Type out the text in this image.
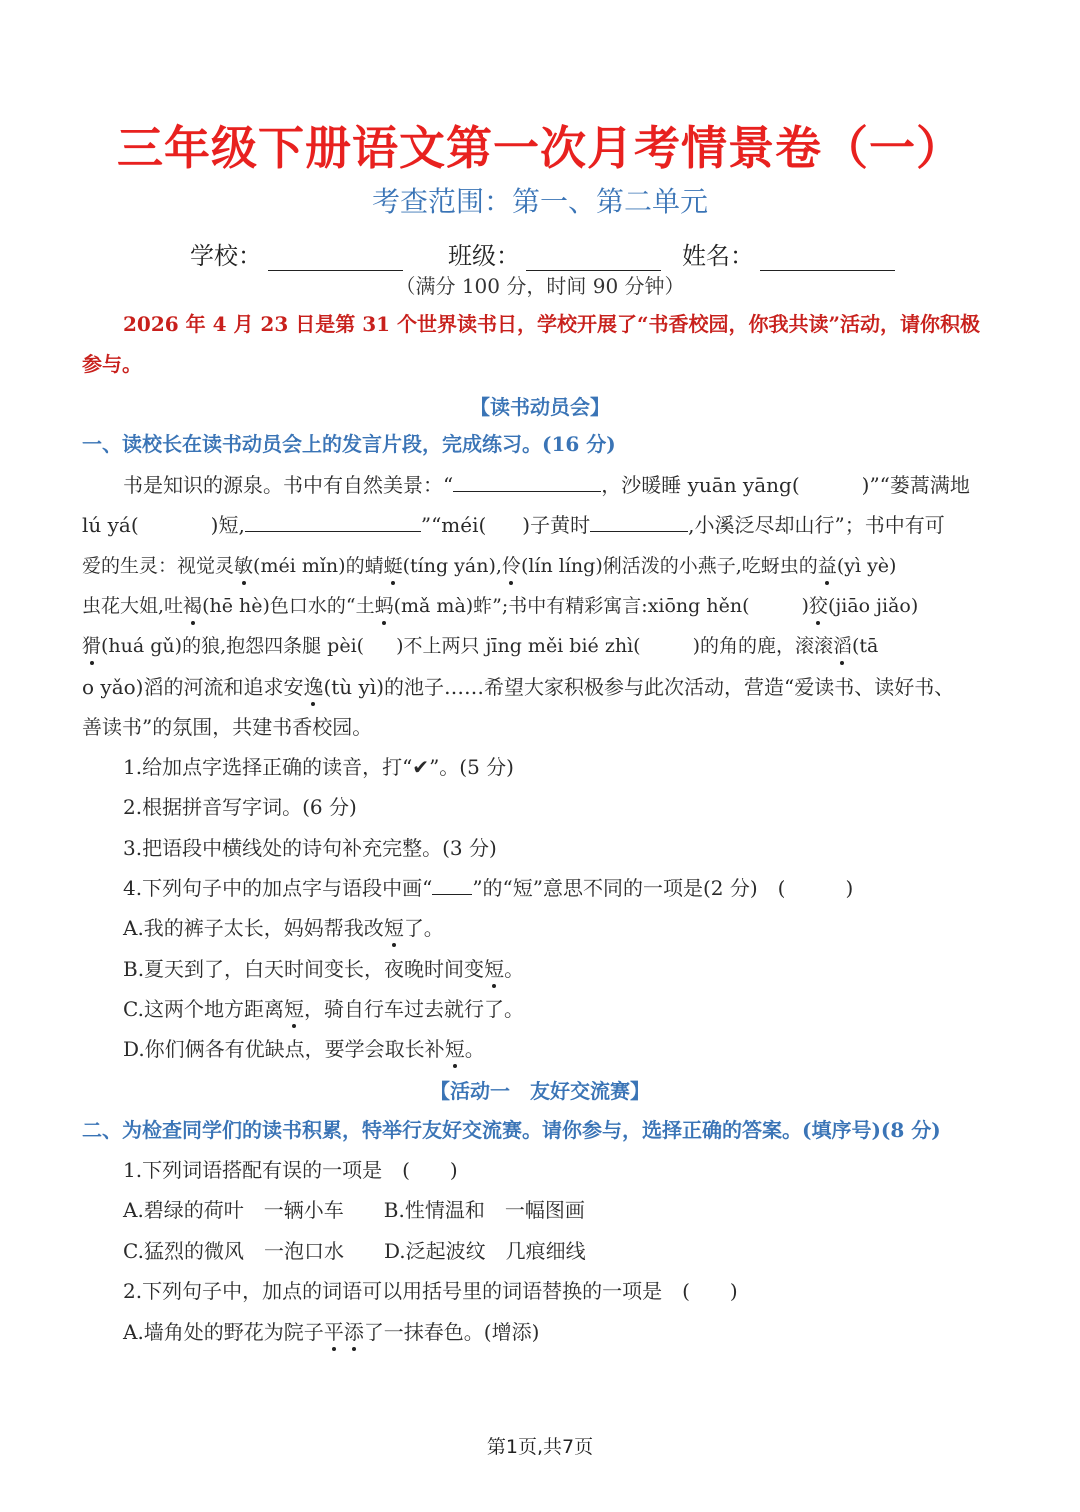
三年级下册语文第一次月考情景卷（一）
考查范围：第一、第二单元
学校：	班级：	姓名：
（满分 100 分，时间 90 分钟）
2026 年 4 月 23 日是第 31 个世界读书日，学校开展了“书香校园，你我共读”活动，请你积极
参与。
【读书动员会】
一、读校长在读书动员会上的发言片段，完成练习。(16 分)
书是知识的源泉。书中有自然美景：“	，沙暖睡 yuān yāng(	)”“蒌蒿满地
lú yá(	)短,	”“méi( )子黄时	,小溪泛尽却山行”；书中有可
爱的生灵：视觉灵敏(méi mǐn)的蜻蜓(tíng yán),伶(lín líng)俐活泼的小燕子,吃蚜虫的益(yì yè)
虫花大姐,吐褐(hē hè)色口水的“土蚂(mǎ mà)蚱”;书中有精彩寓言:xiōng hěn(	)狡(jiāo jiǎo)
猾(huá gǔ)的狼,抱怨四条腿 pèi( )不上两只 jīng měi bié zhì(	)的角的鹿，滚滚滔(tā
o yǎo)滔的河流和追求安逸(tù yì)的池子……希望大家积极参与此次活动，营造“爱读书、读好书、
善读书”的氛围，共建书香校园。
1.给加点字选择正确的读音，打“✔”。(5 分)
2.根据拼音写字词。(6 分)
3.把语段中横线处的诗句补充完整。(3 分)
4.下列句子中的加点字与语段中画“ ”的“短”意思不同的一项是(2 分)　(　　　)
A.我的裤子太长，妈妈帮我改短了。
B.夏天到了，白天时间变长，夜晚时间变短。
C.这两个地方距离短，骑自行车过去就行了。
D.你们俩各有优缺点，要学会取长补短。
【活动一　友好交流赛】
二、为检查同学们的读书积累，特举行友好交流赛。请你参与，选择正确的答案。(填序号)(8 分)
1.下列词语搭配有误的一项是　(　　)
A.碧绿的荷叶　一辆小车　　B.性情温和　一幅图画
C.猛烈的微风　一泡口水　　D.泛起波纹　几痕细线
2.下列句子中，加点的词语可以用括号里的词语替换的一项是　(　　)
A.墙角处的野花为院子平添了一抹春色。(增添)
第1页,共7页
